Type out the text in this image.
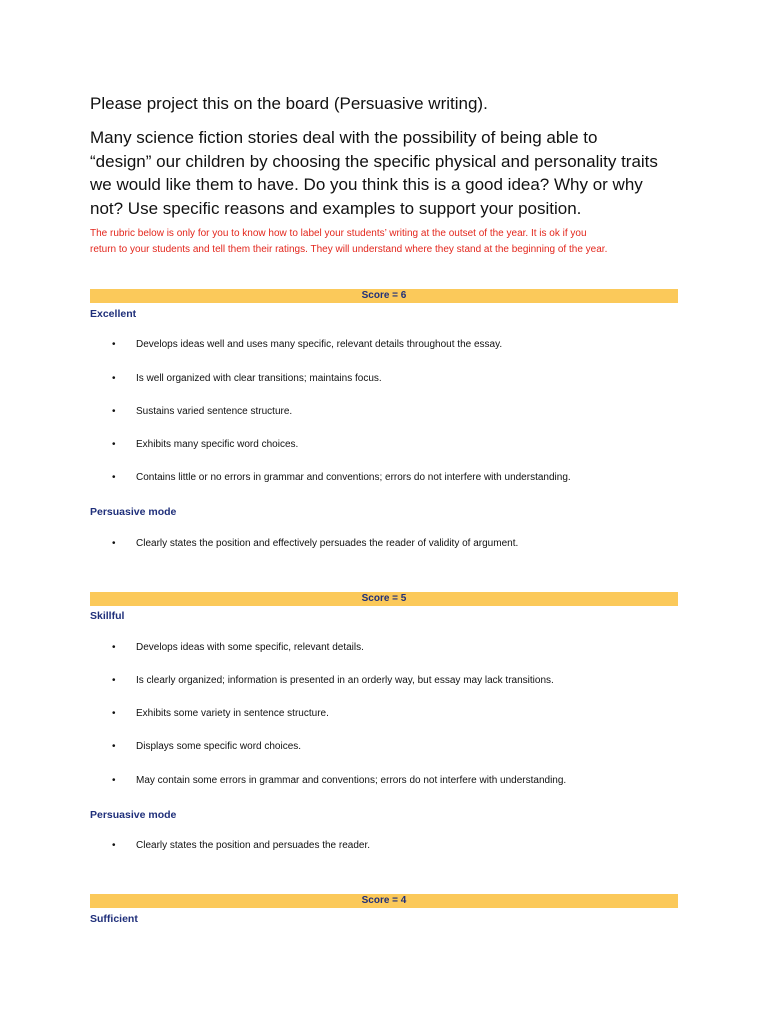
Please project this on the board (Persuasive writing).
Many science fiction stories deal with the possibility of being able to
“design” our children by choosing the specific physical and personality traits
we would like them to have. Do you think this is a good idea? Why or why
not? Use specific reasons and examples to support your position.
The rubric below is only for you to know how to label your students’ writing at the outset of the year. It is ok if you
return to your students and tell them their ratings. They will understand where they stand at the beginning of the year.
Score = 6
Excellent
• Develops ideas well and uses many specific, relevant details throughout the essay.
• Is well organized with clear transitions; maintains focus.
• Sustains varied sentence structure.
• Exhibits many specific word choices.
• Contains little or no errors in grammar and conventions; errors do not interfere with understanding.
Persuasive mode
• Clearly states the position and effectively persuades the reader of validity of argument.
Score = 5
Skillful
• Develops ideas with some specific, relevant details.
• Is clearly organized; information is presented in an orderly way, but essay may lack transitions.
• Exhibits some variety in sentence structure.
• Displays some specific word choices.
• May contain some errors in grammar and conventions; errors do not interfere with understanding.
Persuasive mode
• Clearly states the position and persuades the reader.
Score = 4
Sufficient
